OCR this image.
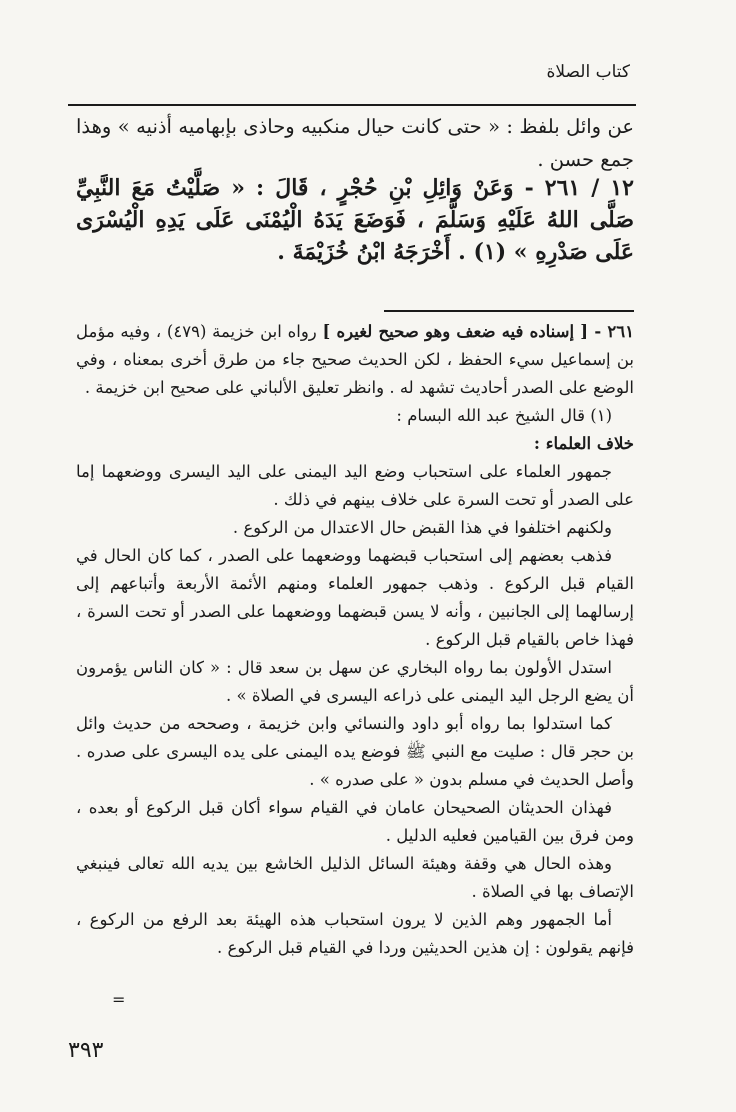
كتاب الصلاة

عن وائل بلفظ : « حتى كانت حيال منكبيه وحاذى بإبهاميه أذنيه » وهذا جمع حسن .

١٢ / ٢٦١ - وَعَنْ وَائِلِ بْنِ حُجْرٍ ، قَالَ : « صَلَّيْتُ مَعَ النَّبِيِّ صَلَّى اللهُ عَلَيْهِ وَسَلَّمَ ، فَوَضَعَ يَدَهُ الْيُمْنَى عَلَى يَدِهِ الْيُسْرَى عَلَى صَدْرِهِ » (١) . أَخْرَجَهُ ابْنُ خُزَيْمَةَ .

٢٦١ - [ إسناده فيه ضعف وهو صحيح لغيره ] رواه ابن خزيمة (٤٧٩) ، وفيه مؤمل بن إسماعيل سيء الحفظ ، لكن الحديث صحيح جاء من طرق أخرى بمعناه ، وفي الوضع على الصدر أحاديث تشهد له . وانظر تعليق الألباني على صحيح ابن خزيمة .

(١) قال الشيخ عبد الله البسام :

خلاف العلماء :

جمهور العلماء على استحباب وضع اليد اليمنى على اليد اليسرى ووضعهما إما على الصدر أو تحت السرة على خلاف بينهم في ذلك .

ولكنهم اختلفوا في هذا القبض حال الاعتدال من الركوع .

فذهب بعضهم إلى استحباب قبضهما ووضعهما على الصدر ، كما كان الحال في القيام قبل الركوع . وذهب جمهور العلماء ومنهم الأئمة الأربعة وأتباعهم إلى إرسالهما إلى الجانبين ، وأنه لا يسن قبضهما ووضعهما على الصدر أو تحت السرة ، فهذا خاص بالقيام قبل الركوع .

استدل الأولون بما رواه البخاري عن سهل بن سعد قال : « كان الناس يؤمرون أن يضع الرجل اليد اليمنى على ذراعه اليسرى في الصلاة » .

كما استدلوا بما رواه أبو داود والنسائي وابن خزيمة ، وصححه من حديث وائل بن حجر قال : صليت مع النبي ﷺ فوضع يده اليمنى على يده اليسرى على صدره . وأصل الحديث في مسلم بدون « على صدره » .

فهذان الحديثان الصحيحان عامان في القيام سواء أكان قبل الركوع أو بعده ، ومن فرق بين القيامين فعليه الدليل .

وهذه الحال هي وقفة وهيئة السائل الذليل الخاشع بين يديه الله تعالى فينبغي الإتصاف بها في الصلاة .

أما الجمهور وهم الذين لا يرون استحباب هذه الهيئة بعد الرفع من الركوع ، فإنهم يقولون : إن هذين الحديثين وردا في القيام قبل الركوع .

=
٣٩٣
